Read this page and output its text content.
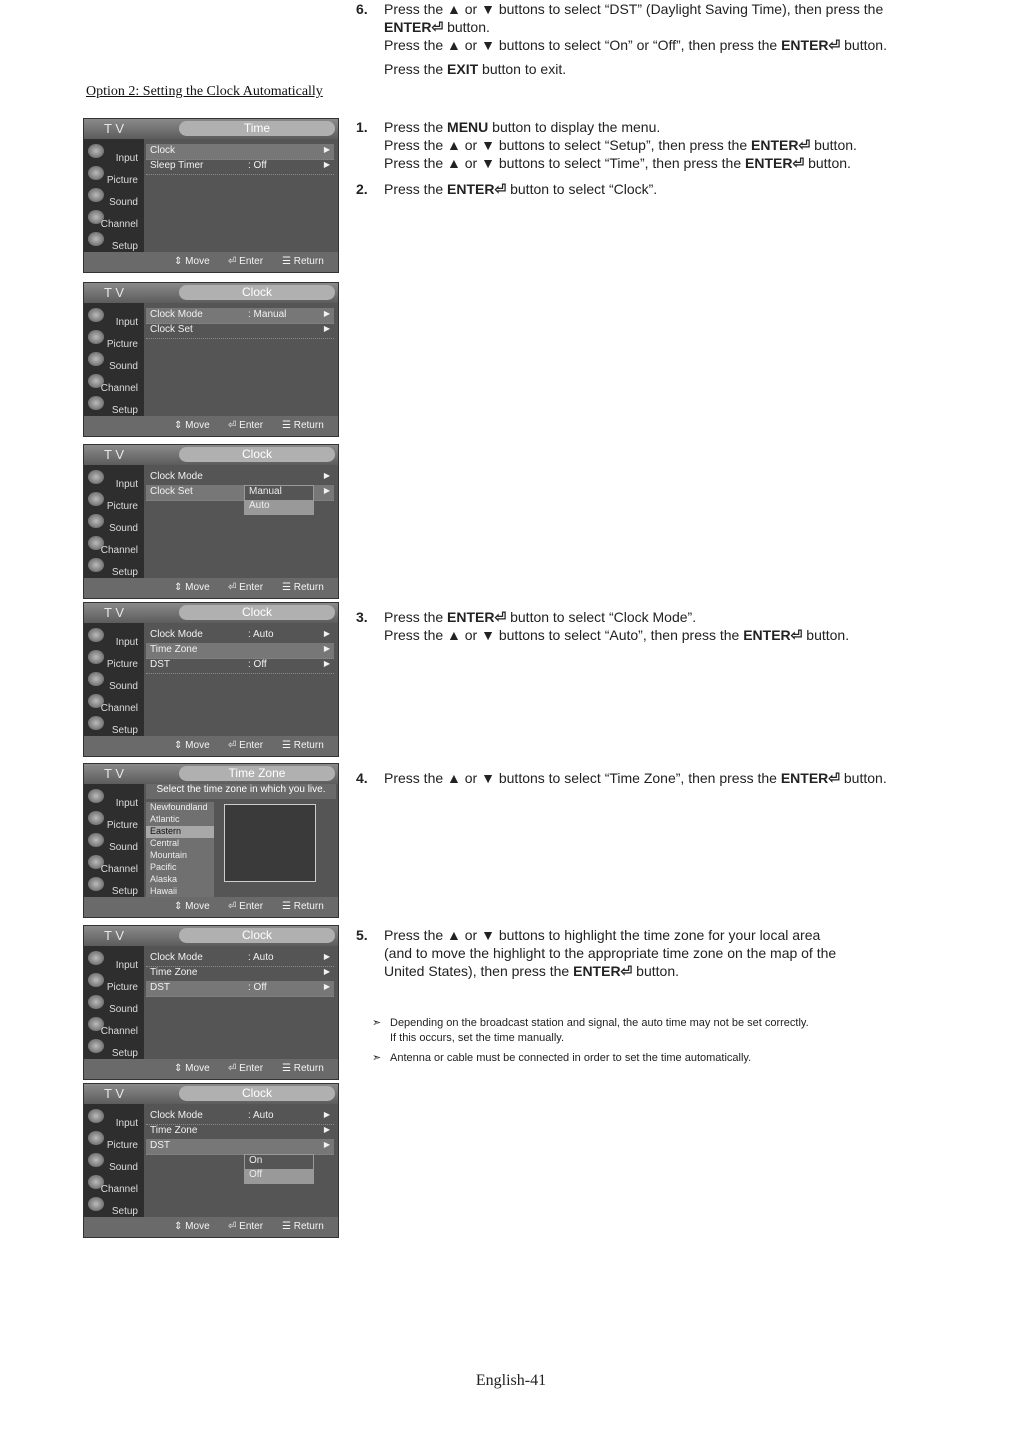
Option 2: Setting the Clock Automatically
T V	Time
Input
Picture
Sound
Channel
Setup
Clock	▶
Sleep Timer	: Off	▶
⇕ Move ⏎ Enter ☰ Return
T V	Clock
Input
Picture
Sound
Channel
Setup
Clock Mode	: Manual	▶
Clock Set	▶
⇕ Move ⏎ Enter ☰ Return
T V	Clock
Input
Picture
Sound
Channel
Setup
Clock Mode	▶
Clock Set	▶
Manual
Auto
⇕ Move ⏎ Enter ☰ Return
T V	Clock
Input
Picture
Sound
Channel
Setup
Clock Mode	: Auto	▶
Time Zone	▶
DST	: Off	▶
⇕ Move ⏎ Enter ☰ Return
T V	Time Zone
Input
Picture
Sound
Channel
Setup
Select the time zone in which you live.
Newfoundland
Atlantic
Eastern
Central
Mountain
Pacific
Alaska
Hawaii
⇕ Move ⏎ Enter ☰ Return
T V	Clock
Input
Picture
Sound
Channel
Setup
Clock Mode	: Auto	▶
Time Zone	▶
DST	: Off	▶
⇕ Move ⏎ Enter ☰ Return
T V	Clock
Input
Picture
Sound
Channel
Setup
Clock Mode	: Auto	▶
Time Zone	▶
DST	▶
On
Off
⇕ Move ⏎ Enter ☰ Return
1.	Press the MENU button to display the menu.
Press the ▲ or ▼ buttons to select “Setup”, then press the ENTER⏎ button.
Press the ▲ or ▼ buttons to select “Time”, then press the ENTER⏎ button.
2.	Press the ENTER⏎ button to select “Clock”.
3.	Press the ENTER⏎ button to select “Clock Mode”.
Press the ▲ or ▼ buttons to select “Auto”, then press the ENTER⏎ button.
4.	Press the ▲ or ▼ buttons to select “Time Zone”, then press the ENTER⏎ button.
5.	Press the ▲ or ▼ buttons to highlight the time zone for your local area
(and to move the highlight to the appropriate time zone on the map of the
United States), then press the ENTER⏎ button.
6.	Press the ▲ or ▼ buttons to select “DST” (Daylight Saving Time), then press the
ENTER⏎ button.
Press the ▲ or ▼ buttons to select “On” or “Off”, then press the ENTER⏎ button.
Press the EXIT button to exit.
➣ Depending on the broadcast station and signal, the auto time may not be set correctly.
If this occurs, set the time manually.
➣ Antenna or cable must be connected in order to set the time automatically.
English-41
